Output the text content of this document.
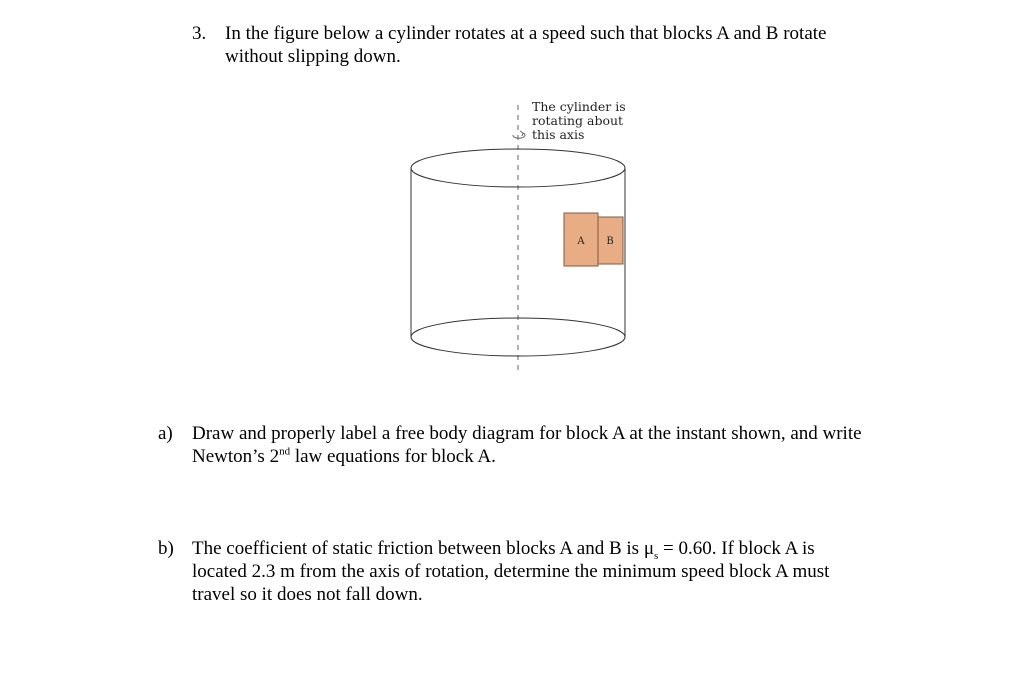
3. In the figure below a cylinder rotates at a speed such that blocks A and B rotate
without slipping down.
A B
The cylinder is
rotating about
this axis
a) Draw and properly label a free body diagram for block A at the instant shown, and write
Newton’s 2nd law equations for block A.
b) The coefficient of static friction between blocks A and B is $\mu_s = 0.60$. If block A is
located 2.3 m from the axis of rotation, determine the minimum speed block A must
travel so it does not fall down.
